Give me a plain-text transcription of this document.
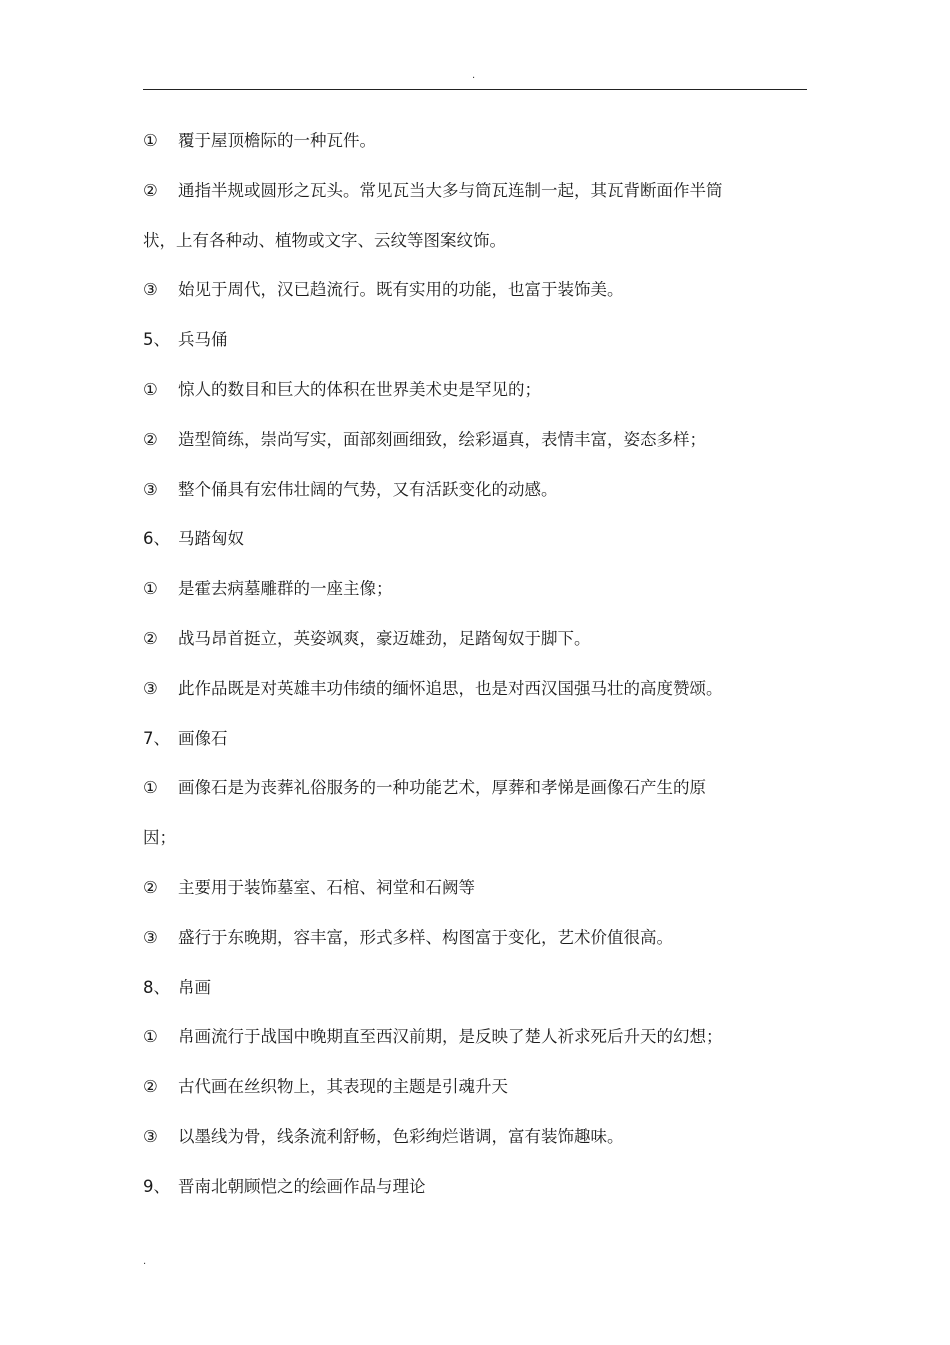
.
① 覆于屋顶檐际的一种瓦件。
② 通指半规或圆形之瓦头。常见瓦当大多与筒瓦连制一起，其瓦背断面作半筒
状，上有各种动、植物或文字、云纹等图案纹饰。
③ 始见于周代，汉已趋流行。既有实用的功能，也富于装饰美。
5、 兵马俑
① 惊人的数目和巨大的体积在世界美术史是罕见的；
② 造型简练，崇尚写实，面部刻画细致，绘彩逼真，表情丰富，姿态多样；
③ 整个俑具有宏伟壮阔的气势，又有活跃变化的动感。
6、 马踏匈奴
① 是霍去病墓雕群的一座主像；
② 战马昂首挺立，英姿飒爽，豪迈雄劲，足踏匈奴于脚下。
③ 此作品既是对英雄丰功伟绩的缅怀追思，也是对西汉国强马壮的高度赞颂。
7、 画像石
① 画像石是为丧葬礼俗服务的一种功能艺术，厚葬和孝悌是画像石产生的原
因；
② 主要用于装饰墓室、石棺、祠堂和石阙等
③ 盛行于东晚期，容丰富，形式多样、构图富于变化，艺术价值很高。
8、 帛画
① 帛画流行于战国中晚期直至西汉前期，是反映了楚人祈求死后升天的幻想；
② 古代画在丝织物上，其表现的主题是引魂升天
③ 以墨线为骨，线条流利舒畅，色彩绚烂谐调，富有装饰趣味。
9、 晋南北朝顾恺之的绘画作品与理论
.
